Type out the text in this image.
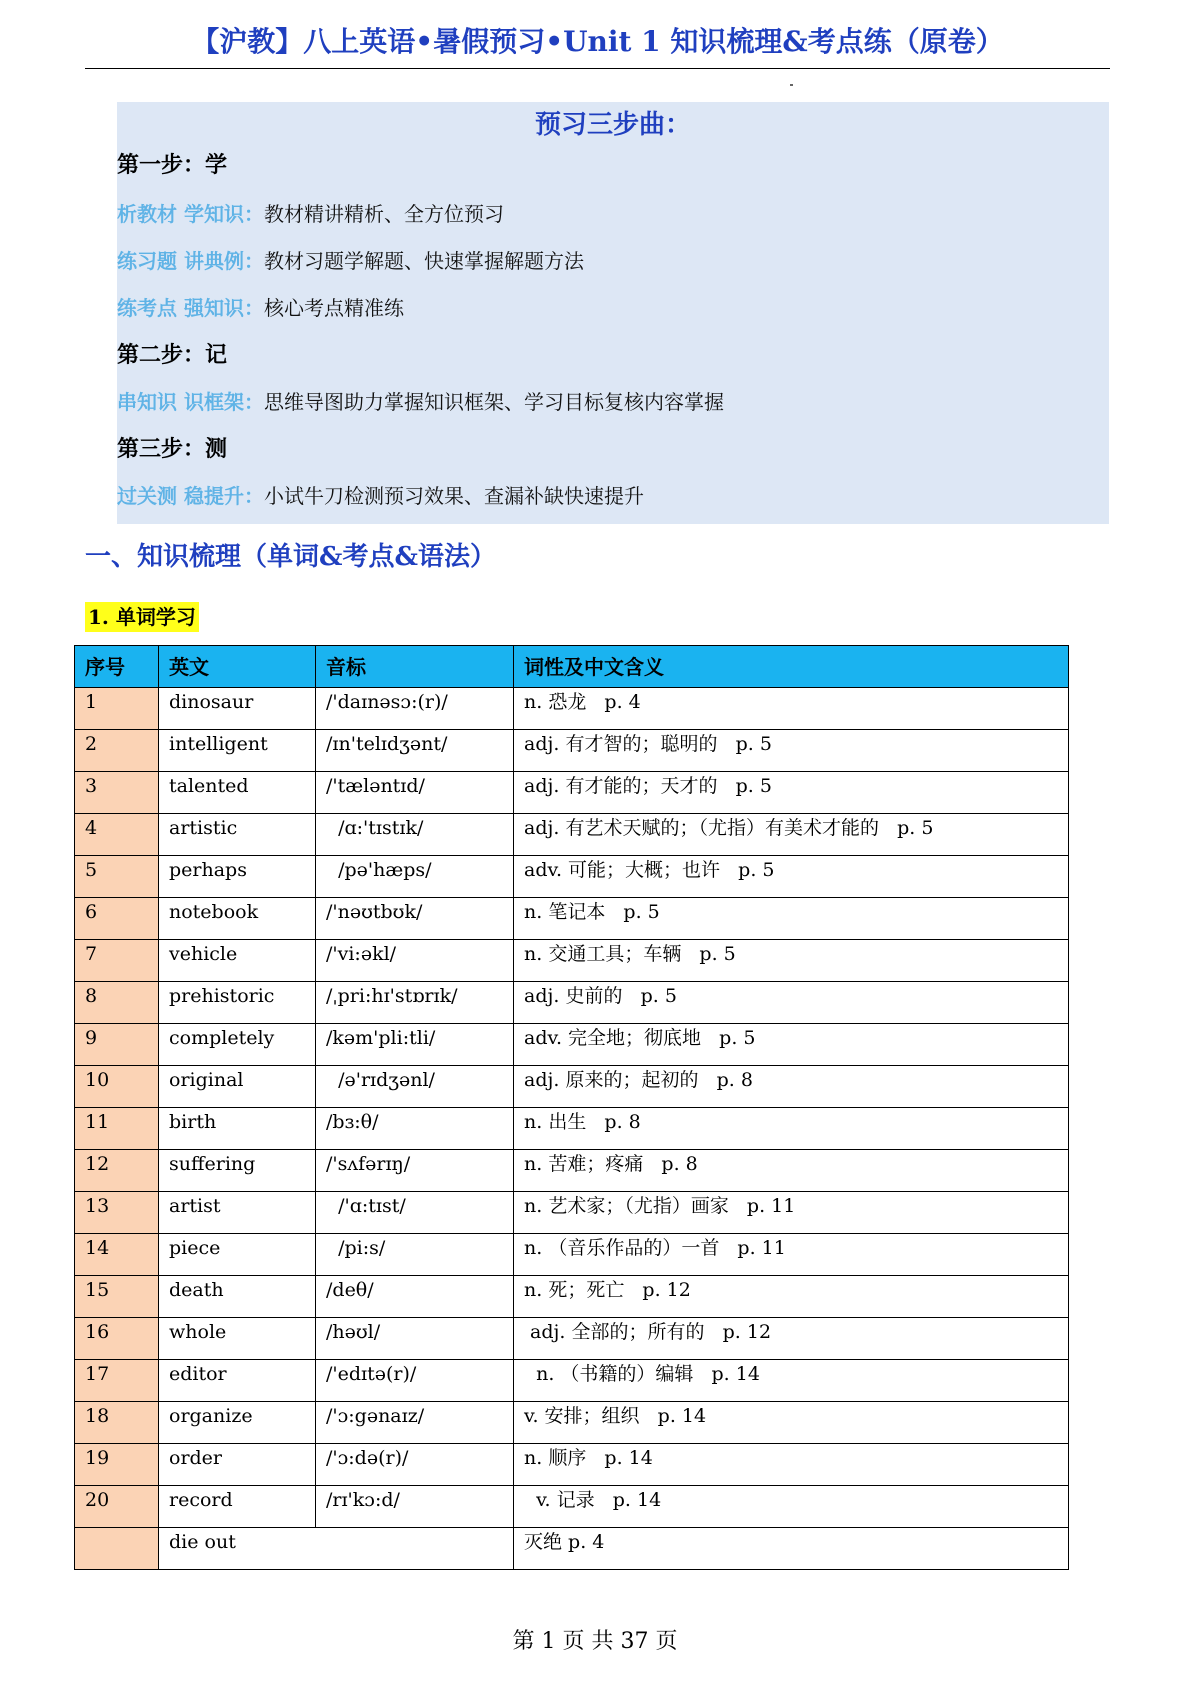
【沪教】八上英语•暑假预习•Unit 1 知识梳理&考点练（原卷）
预习三步曲：
第一步：学
析教材 学知识：教材精讲精析、全方位预习
练习题 讲典例：教材习题学解题、快速掌握解题方法
练考点 强知识：核心考点精准练
第二步：记
串知识 识框架：思维导图助力掌握知识框架、学习目标复核内容掌握
第三步：测
过关测 稳提升：小试牛刀检测预习效果、查漏补缺快速提升
一、知识梳理（单词&考点&语法）
1. 单词学习
序号	英文	音标	词性及中文含义
1	dinosaur	/'daɪnəsɔ:(r)/	n. 恐龙   p. 4
2	intelligent	/ɪn'telɪdʒənt/	adj. 有才智的；聪明的   p. 5
3	talented	/'tæləntɪd/	adj. 有才能的；天才的   p. 5
4	artistic	/ɑ:'tɪstɪk/	adj. 有艺术天赋的；（尤指）有美术才能的   p. 5
5	perhaps	/pə'hæps/	adv. 可能；大概；也许   p. 5
6	notebook	/'nəʊtbʊk/	n. 笔记本   p. 5
7	vehicle	/'vi:əkl/	n. 交通工具；车辆   p. 5
8	prehistoric	/ˌpri:hɪ'stɒrɪk/	adj. 史前的   p. 5
9	completely	/kəm'pli:tli/	adv. 完全地；彻底地   p. 5
10	original	/ə'rɪdʒənl/	adj. 原来的；起初的   p. 8
11	birth	/bɜ:θ/	n. 出生   p. 8
12	suffering	/'sʌfərɪŋ/	n. 苦难；疼痛   p. 8
13	artist	/'ɑ:tɪst/	n. 艺术家；（尤指）画家   p. 11
14	piece	/pi:s/	n. （音乐作品的）一首   p. 11
15	death	/deθ/	n. 死；死亡   p. 12
16	whole	/həʊl/	adj. 全部的；所有的   p. 12
17	editor	/'edɪtə(r)/	n. （书籍的）编辑   p. 14
18	organize	/'ɔ:gənaɪz/	v. 安排；组织   p. 14
19	order	/'ɔ:də(r)/	n. 顺序   p. 14
20	record	/rɪ'kɔ:d/	v. 记录   p. 14
	die out		灭绝 p. 4
第 1 页 共 37 页
